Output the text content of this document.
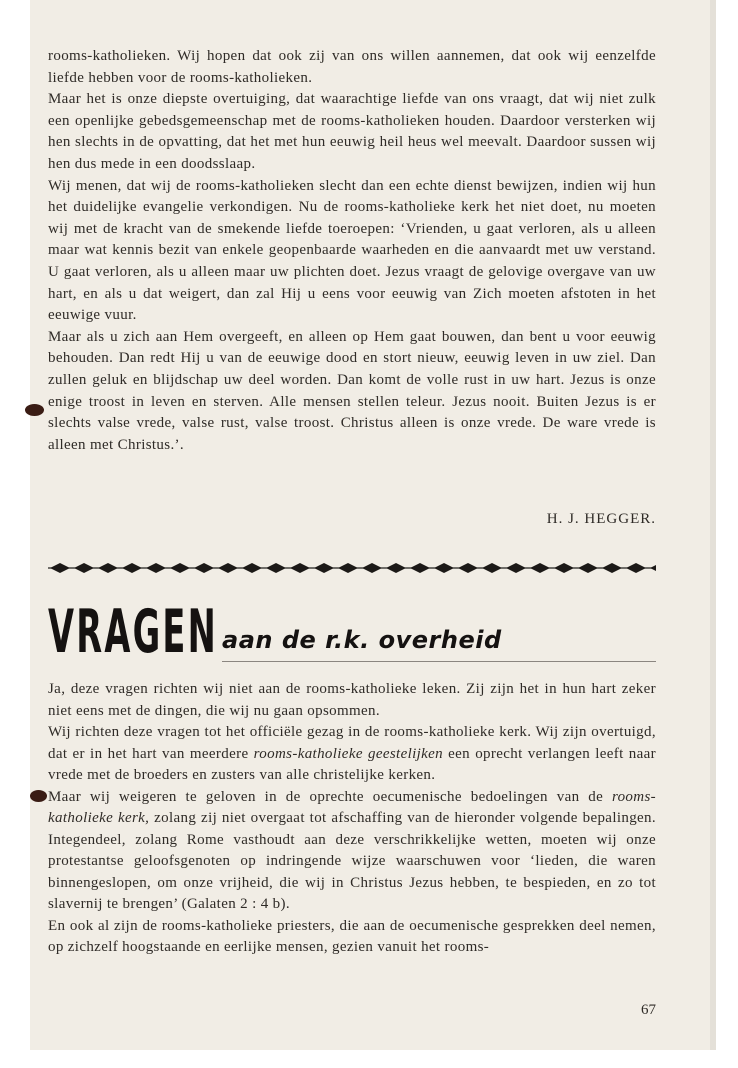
rooms-katholieken. Wij hopen dat ook zij van ons willen aannemen, dat ook wij eenzelfde liefde hebben voor de rooms-katholieken.

Maar het is onze diepste overtuiging, dat waarachtige liefde van ons vraagt, dat wij niet zulk een openlijke gebedsgemeenschap met de rooms-katholieken houden. Daardoor versterken wij hen slechts in de opvatting, dat het met hun eeuwig heil heus wel meevalt. Daardoor sussen wij hen dus mede in een doodsslaap.

Wij menen, dat wij de rooms-katholieken slecht dan een echte dienst bewijzen, indien wij hun het duidelijke evangelie verkondigen. Nu de rooms-katholieke kerk het niet doet, nu moeten wij met de kracht van de smekende liefde toeroepen: ‘Vrienden, u gaat verloren, als u alleen maar wat kennis bezit van enkele geopenbaarde waarheden en die aanvaardt met uw verstand. U gaat verloren, als u alleen maar uw plichten doet. Jezus vraagt de gelovige overgave van uw hart, en als u dat weigert, dan zal Hij u eens voor eeuwig van Zich moeten afstoten in het eeuwige vuur.

Maar als u zich aan Hem overgeeft, en alleen op Hem gaat bouwen, dan bent u voor eeuwig behouden. Dan redt Hij u van de eeuwige dood en stort nieuw, eeuwig leven in uw ziel. Dan zullen geluk en blijdschap uw deel worden. Dan komt de volle rust in uw hart. Jezus is onze enige troost in leven en sterven. Alle mensen stellen teleur. Jezus nooit. Buiten Jezus is er slechts valse vrede, valse rust, valse troost. Christus alleen is onze vrede. De ware vrede is alleen met Christus.’.

H. J. HEGGER.
VRAGEN aan de r.k. overheid

Ja, deze vragen richten wij niet aan de rooms-katholieke leken. Zij zijn het in hun hart zeker niet eens met de dingen, die wij nu gaan opsommen.

Wij richten deze vragen tot het officiële gezag in de rooms-katholieke kerk. Wij zijn overtuigd, dat er in het hart van meerdere rooms-katholieke geestelijken een oprecht verlangen leeft naar vrede met de broeders en zusters van alle christelijke kerken.

Maar wij weigeren te geloven in de oprechte oecumenische bedoelingen van de rooms-katholieke kerk, zolang zij niet overgaat tot afschaffing van de hieronder volgende bepalingen. Integendeel, zolang Rome vasthoudt aan deze verschrikkelijke wetten, moeten wij onze protestantse geloofsgenoten op indringende wijze waarschuwen voor ‘lieden, die waren binnengeslopen, om onze vrijheid, die wij in Christus Jezus hebben, te bespieden, en zo tot slavernij te brengen’ (Galaten 2 : 4 b).

En ook al zijn de rooms-katholieke priesters, die aan de oecumenische gesprekken deel nemen, op zichzelf hoogstaande en eerlijke mensen, gezien vanuit het rooms-

67
